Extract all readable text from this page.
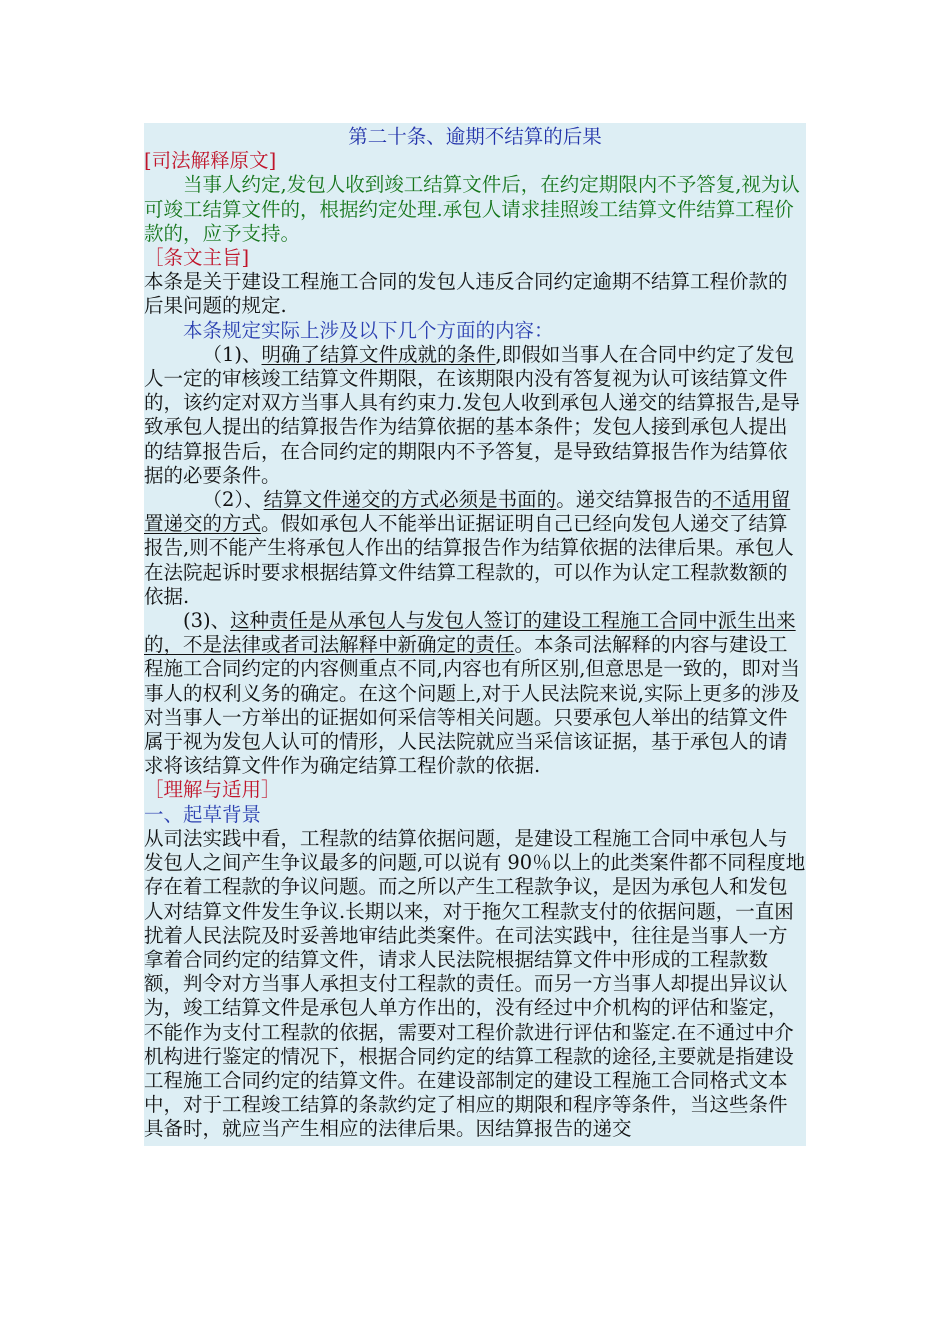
第二十条、逾期不结算的后果

[司法解释原文]

当事人约定,发包人收到竣工结算文件后，在约定期限内不予答复,视为认可竣工结算文件的，根据约定处理.承包人请求挂照竣工结算文件结算工程价款的，应予支持。

［条文主旨]

本条是关于建设工程施工合同的发包人违反合同约定逾期不结算工程价款的后果问题的规定.

本条规定实际上涉及以下几个方面的内容：

（1)、明确了结算文件成就的条件,即假如当事人在合同中约定了发包人一定的审核竣工结算文件期限，在该期限内没有答复视为认可该结算文件的，该约定对双方当事人具有约束力.发包人收到承包人递交的结算报告,是导致承包人提出的结算报告作为结算依据的基本条件；发包人接到承包人提出的结算报告后，在合同约定的期限内不予答复，是导致结算报告作为结算依据的必要条件。

（2）、结算文件递交的方式必须是书面的。递交结算报告的不适用留置递交的方式。假如承包人不能举出证据证明自己已经向发包人递交了结算报告,则不能产生将承包人作出的结算报告作为结算依据的法律后果。承包人在法院起诉时要求根据结算文件结算工程款的，可以作为认定工程款数额的依据.

(3)、这种责任是从承包人与发包人签订的建设工程施工合同中派生出来的，不是法律或者司法解释中新确定的责任。本条司法解释的内容与建设工程施工合同约定的内容侧重点不同,内容也有所区别,但意思是一致的，即对当事人的权利义务的确定。在这个问题上,对于人民法院来说,实际上更多的涉及对当事人一方举出的证据如何采信等相关问题。只要承包人举出的结算文件属于视为发包人认可的情形，人民法院就应当采信该证据，基于承包人的请求将该结算文件作为确定结算工程价款的依据.

［理解与适用］

一、起草背景

从司法实践中看，工程款的结算依据问题，是建设工程施工合同中承包人与发包人之间产生争议最多的问题,可以说有 90％以上的此类案件都不同程度地存在着工程款的争议问题。而之所以产生工程款争议，是因为承包人和发包人对结算文件发生争议.长期以来，对于拖欠工程款支付的依据问题，一直困扰着人民法院及时妥善地审结此类案件。在司法实践中，往往是当事人一方拿着合同约定的结算文件，请求人民法院根据结算文件中形成的工程款数额，判令对方当事人承担支付工程款的责任。而另一方当事人却提出异议认为，竣工结算文件是承包人单方作出的，没有经过中介机构的评估和鉴定，不能作为支付工程款的依据，需要对工程价款进行评估和鉴定.在不通过中介机构进行鉴定的情况下，根据合同约定的结算工程款的途径,主要就是指建设工程施工合同约定的结算文件。在建设部制定的建设工程施工合同格式文本中，对于工程竣工结算的条款约定了相应的期限和程序等条件，当这些条件具备时，就应当产生相应的法律后果。因结算报告的递交
